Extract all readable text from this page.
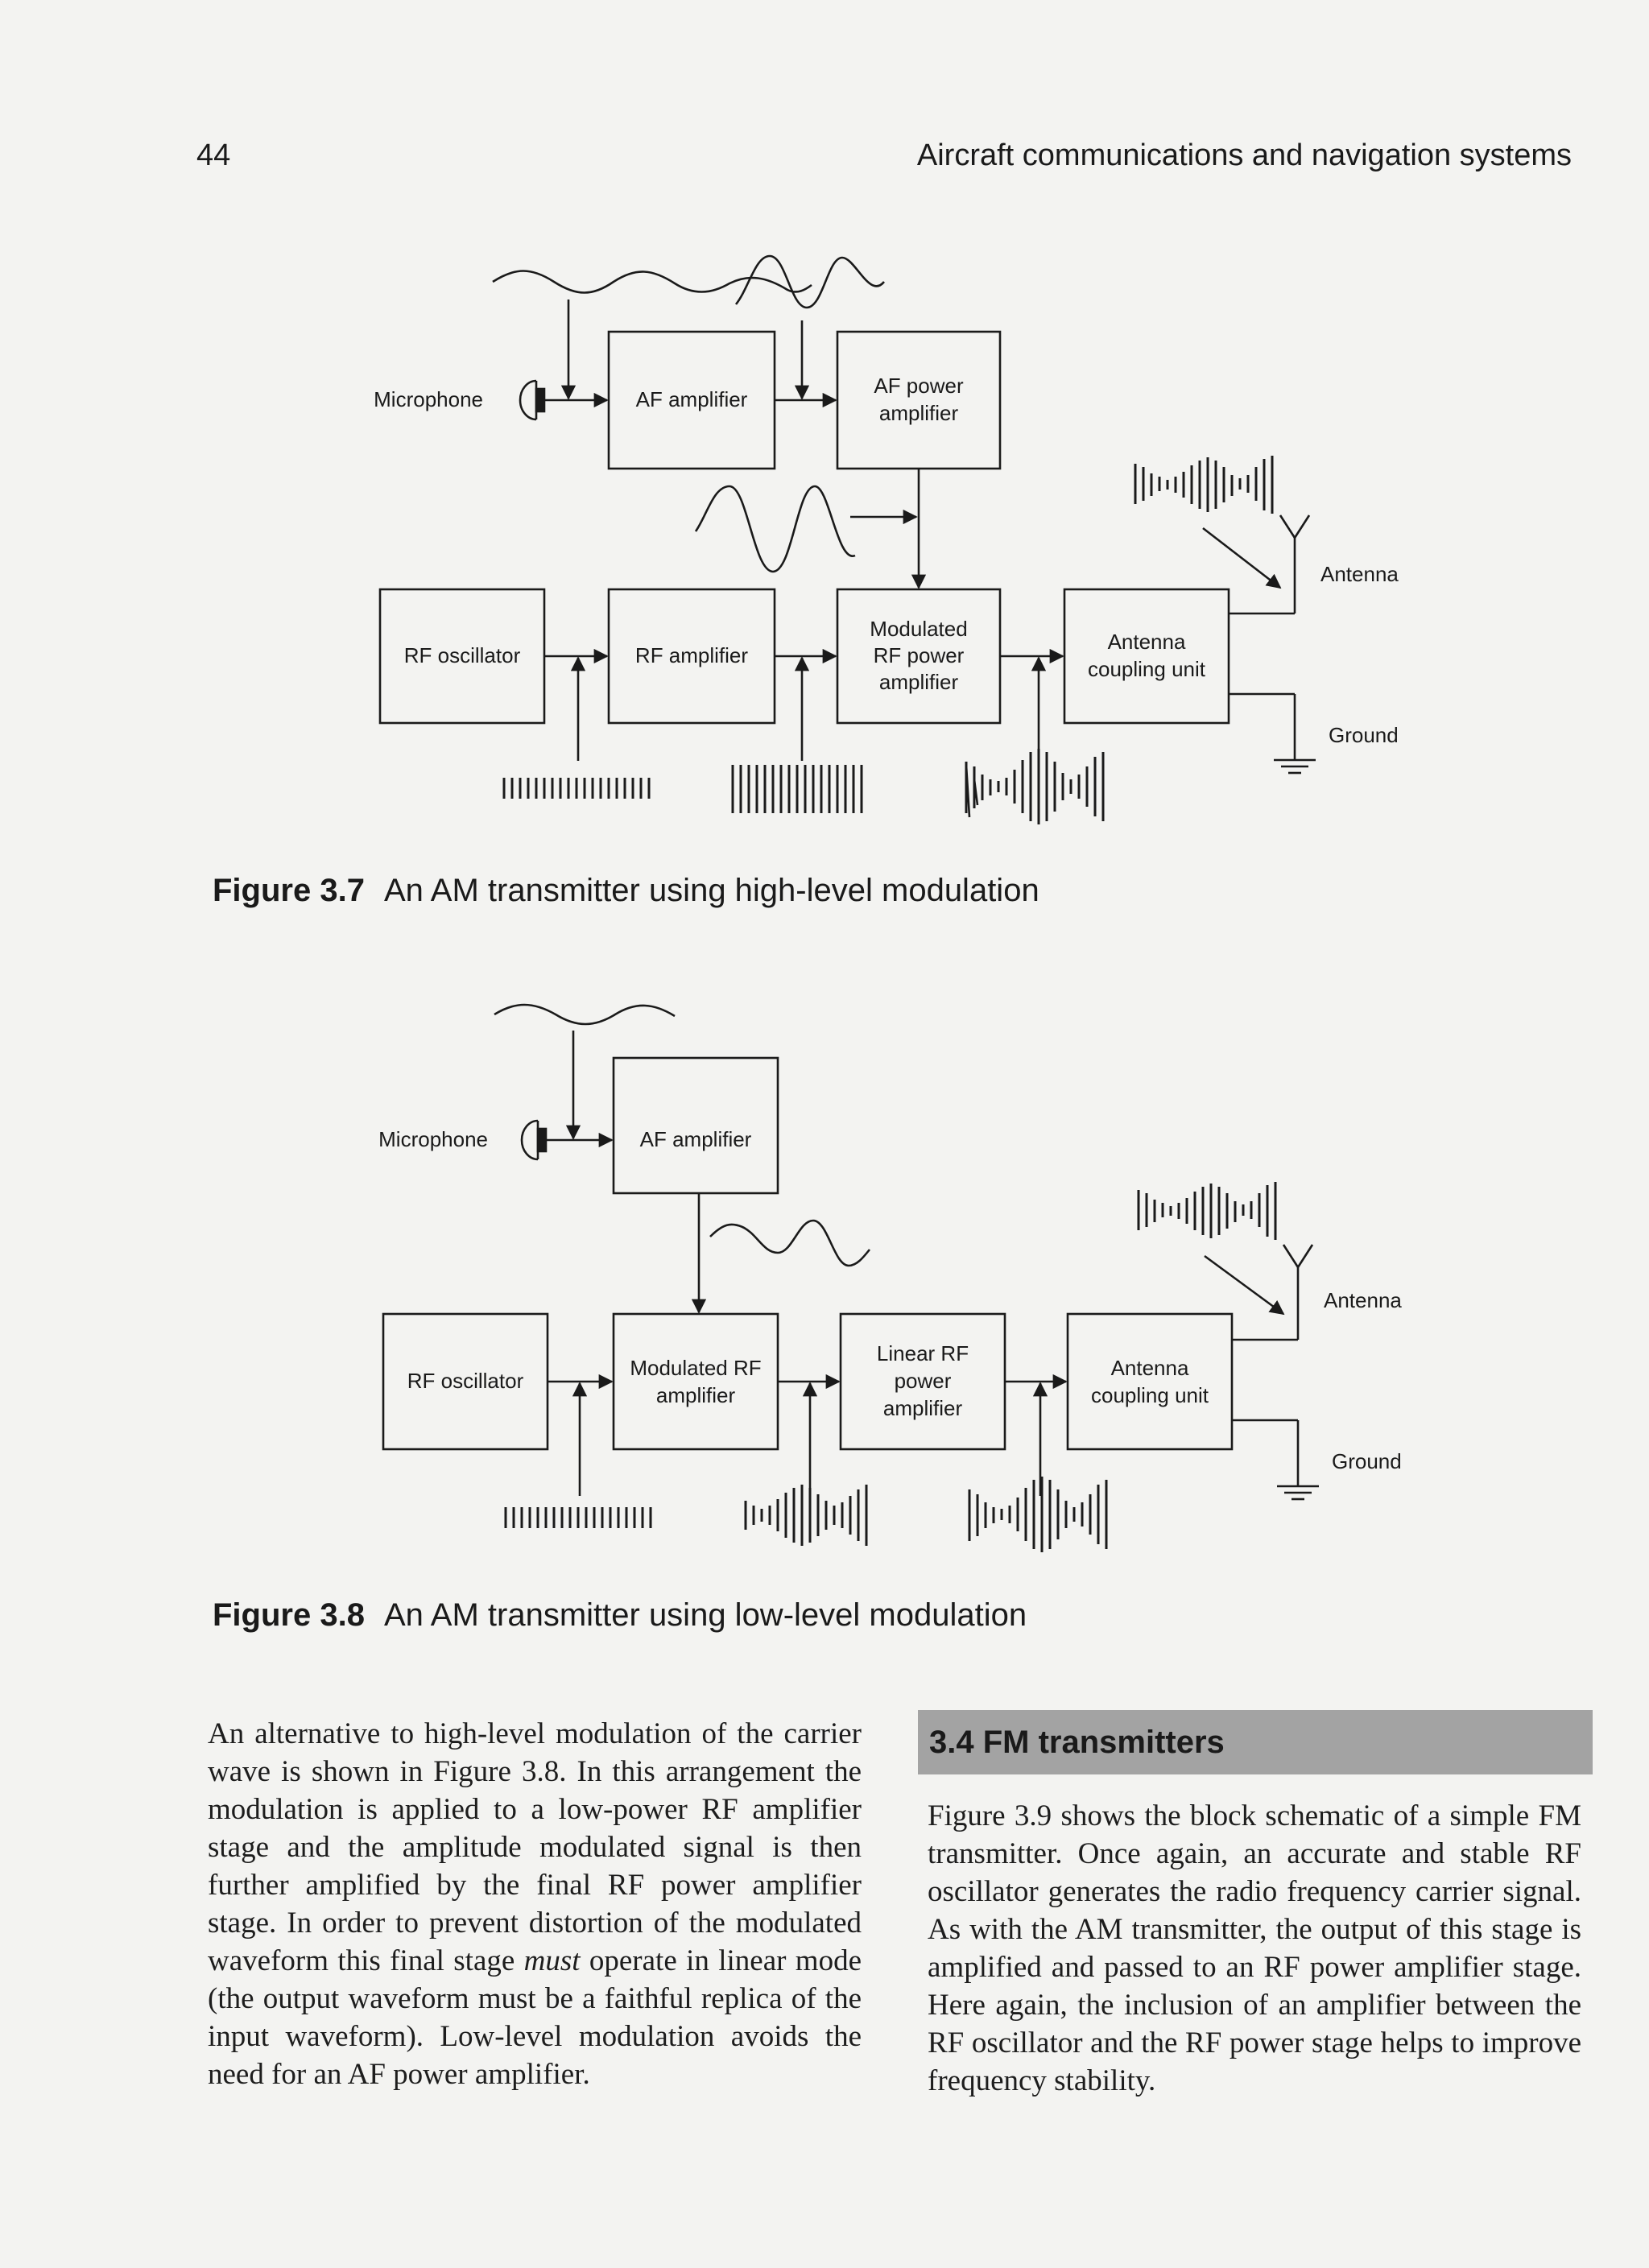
44	Aircraft communications and navigation systems
Microphone	AF amplifier
AF power
amplifier
RF oscillator	RF amplifier
Modulated
RF power
amplifier
Antenna
coupling unit
Antenna
Ground
Figure 3.7 An AM transmitter using high-level modulation
Microphone	AF amplifier
RF oscillator
Modulated RF
amplifier
Linear RF
power
amplifier
Antenna
coupling unit
Antenna
Ground
Figure 3.8 An AM transmitter using low-level modulation
An alternative to high-level modulation of the carrier wave is shown in Figure 3.8. In this arrangement the modulation is applied to a low-power RF amplifier stage and the amplitude modulated signal is then further amplified by the final RF power amplifier stage. In order to prevent distortion of the modulated waveform this final stage must operate in linear mode (the output waveform must be a faithful replica of the input waveform). Low-level modulation avoids the need for an AF power amplifier.
3.4 FM transmitters
Figure 3.9 shows the block schematic of a simple FM transmitter. Once again, an accurate and stable RF oscillator generates the radio frequency carrier signal. As with the AM transmitter, the output of this stage is amplified and passed to an RF power amplifier stage. Here again, the inclusion of an amplifier between the RF oscillator and the RF power stage helps to improve frequency stability.
